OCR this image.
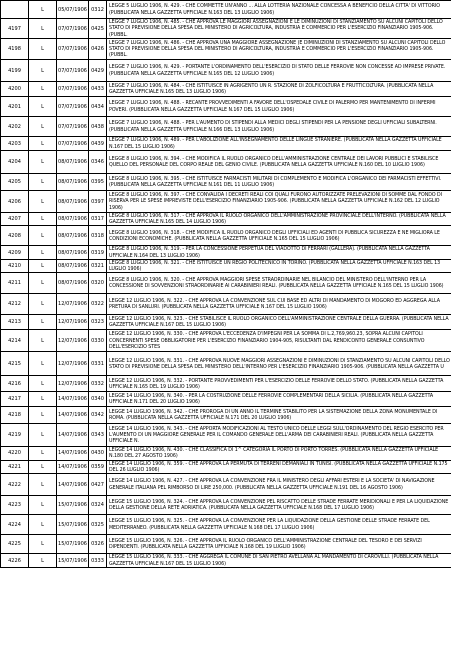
	L	05/07/1906	0312	LEGGE 5 LUGLIO 1906, N. 429. - CHE COMMETTE UN'ANNO ... ALLA LOTTERIA NAZIONALE CONCESSA A BENEFICIO DELLA CITTA' DI VITTORIO (PUBBLICATA NELLA GAZZETTA UFFICIALE N.163 DEL 13 LUGLIO 1906)
4197	L	07/07/1906	0425	LEGGE 7 LUGLIO 1906, N. 485. - CHE APPROVA LE MAGGIORI ASSEGNAZIONI E LE DIMINUZIONI DI STANZIAMENTO SU ALCUNI CAPITOLI DELLO STATO DI PREVISIONE DELLA SPESA DEL MINISTERO DI AGRICOLTURA, INDUSTRIA E COMMERCIO PER L'ESERCIZIO FINANZIARIO 1905-906. (PUBBL.
4198	L	07/07/1906	0426	LEGGE 7 LUGLIO 1906, N. 486. - CHE APPROVA UNA MAGGIORE ASSEGNAZIONE (E DIMINUZIONI DI STANZIAMENTO SU ALCUNI CAPITOLI DELLO STATO DI PREVISIONE DELLA SPESA DEL MINISTERO DI AGRICOLTURA, INDUSTRIA E COMMERCIO PER L'ESERCIZIO FINANZIARIO 1905-906. (PUBBL.
4199	L	07/07/1906	0429	LEGGE 7 LUGLIO 1906, N. 429. - PORTANTE L'ORDINAMENTO DELL'ESERCIZIO DI STATO DELLE FERROVIE NON CONCESSE AD IMPRESE PRIVATE. (PUBBLICATA NELLA GAZZETTA UFFICIALE N.165 DEL 12 LUGLIO 1906)
4200	L	07/07/1906	0433	LEGGE 7 LUGLIO 1906, N. 484. - CHE ISTITUISCE IN AGRIGENTO UN R. STAZIONE DI ZOLFICOLTURA E FRUTTICOLTURA. (PUBBLICATA NELLA GAZZETTA UFFICIALE N.165 DEL 13 LUGLIO 1906)
4201	L	07/07/1906	0434	LEGGE 7 LUGLIO 1906, N. 488. - RECANTE PROVVEDIMENTI A FAVORE DELL'OSPEDALE CIVILE DI PALERMO PER MANTENIMENTO DI INFERMI POVERI. (PUBBLICATA NELLA GAZZETTA UFFICIALE N.167 DEL 15 LUGLIO 1906)
4202	L	07/07/1906	0438	LEGGE 7 LUGLIO 1906, N. 488. - PER L'AUMENTO DI STIPENDI ALLA MEDICI DEGLI STIPENDI PER LA PENSIONE DEGLI UFFICIALI SUBALTERNI. (PUBBLICATA NELLA GAZZETTA UFFICIALE N.166 DEL 13 LUGLIO 1906)
4203	L	07/07/1906	0439	LEGGE 7 LUGLIO 1906, N. 489. - PER L'ABOLIZIONE ALL'INSEGNAMENTO DELLE LINGUE STRANIERE. (PUBBLICATA NELLA GAZZETTA UFFICIALE N.167 DEL 15 LUGLIO 1906)
4204	L	08/07/1906	0346	LEGGE 8 LUGLIO 1906, N. 394. - CHE MODIFICA IL RUOLO ORGANICO DELL'AMMINISTRAZIONE CENTRALE DEI LAVORI PUBBLICI E STABILISCE QUELLO DEL PERSONALE DEL CORPO REALE DEL GENIO CIVILE. (PUBBLICATA NELLA GAZZETTA UFFICIALE N.160 DEL 10 LUGLIO 1906)
4205	L	08/07/1906	0395	LEGGE 8 LUGLIO 1906, N. 395. - CHE ISTITUISCE FARMACISTI MILITARI DI COMPLEMENTO E MODIFICA L'ORGANICO DEI FARMACISTI EFFETTIVI. (PUBBLICATA NELLA GAZZETTA UFFICIALE N.161 DEL 11 LUGLIO 1906)
4206	L	08/07/1906	0397	LEGGE 8 LUGLIO 1906, N. 397. - CHE CONVALIDA I DECRETI REALI COI QUALI FURONO AUTORIZZATE PRELEVAZIONI DI SOMME DAL FONDO DI RISERVA PER LE SPESE IMPREVISTE DELL'ESERCIZIO FINANZIARIO 1905-906. (PUBBLICATA NELLA GAZZETTA UFFICIALE N.162 DEL 12 LUGLIO 1906)
4207	L	08/07/1906	0317	LEGGE 8 LUGLIO 1906, N. 317. - CHE APPROVA IL RUOLO ORGANICO DELL'AMMINISTRAZIONE PROVINCIALE DELL'INTERNO. (PUBBLICATA NELLA GAZZETTA UFFICIALE N.165 DEL 14 LUGLIO 1906)
4208	L	08/07/1906	0318	LEGGE 8 LUGLIO 1906, N. 318. - CHE MODIFICA IL RUOLO ORGANICO DEGLI UFFICIALI ED AGENTI DI PUBBLICA SICUREZZA E NE MIGLIORA LE CONDIZIONI ECONOMICHE. (PUBBLICATA NELLA GAZZETTA UFFICIALE N.165 DEL 15 LUGLIO 1906)
4209	L	08/07/1906	0319	LEGGE 8 LUGLIO 1906, N. 319. - PER LA CONCESSIONE PERPETUA DEL VIADOTTO DI FERRARI (GALLERA). (PUBBLICATA NELLA GAZZETTA UFFICIALE N.164 DEL 13 LUGLIO 1906)
4210	L	08/07/1906	0321	LEGGE 8 LUGLIO 1906, N. 321. - CHE ISTITUISCE UN REGIO POLITECNICO IN TORINO. (PUBBLICATA NELLA GAZZETTA UFFICIALE N.163 DEL 13 LUGLIO 1906)
4211	L	08/07/1906	0320	LEGGE 8 LUGLIO 1906, N. 320. - CHE APPROVA MAGGIORI SPESE STRAORDINARIE NEL BILANCIO DEL MINISTERO DELL'INTERNO PER LA CONCESSIONE DI SOVVENZIONI STRAORDINARIE AI CARABINIERI REALI. (PUBBLICATA NELLA GAZZETTA UFFICIALE N.165 DEL 15 LUGLIO 1906)
4212	L	12/07/1906	0322	LEGGE 12 LUGLIO 1906, N. 322. - CHE APPROVA LA CONVENZIONE SUL CUI BASE ED ALTRI DI MANDAMENTO DI MOGORO ED AGGREGA ALLA PRETURA DI SANLURI. (PUBBLICATA NELLA GAZZETTA UFFICIALE N.167 DEL 15 LUGLIO 1906)
4213	L	12/07/1906	0323	LEGGE 12 LUGLIO 1906, N. 323. - CHE STABILISCE IL RUOLO ORGANICO DELL'AMMINISTRAZIONE CENTRALE DELLA GUERRA. (PUBBLICATA NELLA GAZZETTA UFFICIALE N.167 DEL 15 LUGLIO 1906)
4214	L	12/07/1906	0330	LEGGE 12 LUGLIO 1906, N. 330. - CHE APPROVA L'ECCEDENZA D'IMPEGNI PER LA SOMMA DI L.2,769,960.23, SOPRA ALCUNI CAPITOLI CONCERNENTI SPESE OBBLIGATORIE PER L'ESERCIZIO FINANZIARIO 1904-905, RISULTANTI DAL RENDICONTO GENERALE CONSUNTIVO DELL'ESERCIZIO STES
4215	L	12/07/1906	0331	LEGGE 12 LUGLIO 1906, N. 331. - CHE APPROVA NUOVE MAGGIORI ASSEGNAZIONI E DIMINUZIONI DI STANZIAMENTO SU ALCUNI CAPITOLI DELLO STATO DI PREVISIONE DELLA SPESA DEL MINISTERO DELL'INTERNO PER L'ESERCIZIO FINANZIARIO 1905-906. (PUBBLICATA NELLA GAZZETTA U
4216	L	12/07/1906	0332	LEGGE 12 LUGLIO 1906, N. 332. - PORTANTE PROVVEDIMENTI PER L'ESERCIZIO DELLE FERROVIE DELLO STATO. (PUBBLICATA NELLA GAZZETTA UFFICIALE N.165 DEL 19 LUGLIO 1906)
4217	L	14/07/1906	0340	LEGGE 14 LUGLIO 1906, N. 340. - PER LA COSTRUZIONE DELLE FERROVIE COMPLEMENTARI DELLA SICILIA. (PUBBLICATA NELLA GAZZETTA UFFICIALE N.171 DEL 20 LUGLIO 1906)
4218	L	14/07/1906	0342	LEGGE 14 LUGLIO 1906, N. 342. - CHE PROROGA DI UN ANNO IL TERMINE STABILITO PER LA SISTEMAZIONE DELLA ZONA MONUMENTALE DI ROMA. (PUBBLICATA NELLA GAZZETTA UFFICIALE N.171 DEL 20 LUGLIO 1906)
4219	L	14/07/1906	0343	LEGGE 14 LUGLIO 1906, N. 343. - CHE APPORTA MODIFICAZIONI AL TESTO UNICO DELLE LEGGI SULL'ORDINAMENTO DEL REGIO ESERCITO PER L'AUMENTO DI UN MAGGIORE GENERALE PER IL COMANDO GENERALE DELL'ARMA DEI CARABINIERI REALI. (PUBBLICATA NELLA GAZZETTA UFFICIALE N.
4220	L	14/07/1906	0430	LEGGE 14 LUGLIO 1906, N. 430. - CHE CLASSIFICA DI 1^ CATEGORIA IL PORTO DI PORTO TORRES. (PUBBLICATA NELLA GAZZETTA UFFICIALE N.180 DEL 27 AGOSTO 1906)
4221	L	14/07/1906	0359	LEGGE 14 LUGLIO 1906, N. 359. - CHE APPROVA LA PERMUTA DI TERRENI DEMANIALI IN TUNISI. (PUBBLICATA NELLA GAZZETTA UFFICIALE N.175 DEL 26 LUGLIO 1906)
4222	L	14/07/1906	0427	LEGGE 14 LUGLIO 1906, N. 427. - CHE APPROVA LA CONVENZIONE FRA IL MINISTERO DEGLI AFFARI ESTERI E LA SOCIETA' DI NAVIGAZIONE GENERALE ITALIANA PEL RIMBORSO DI LIRE 250,000. (PUBBLICATA NELLA GAZZETTA UFFICIALE N.191 DEL 16 AGOSTO 1906)
4223	L	15/07/1906	0324	LEGGE 15 LUGLIO 1906, N. 324. - CHE APPROVA LA CONVENZIONE PEL RISCATTO DELLE STRADE FERRATE MERIDIONALI E PER LA LIQUIDAZIONE DELLA GESTIONE DELLA RETE ADRIATICA. (PUBBLICATA NELLA GAZZETTA UFFICIALE N.168 DEL 17 LUGLIO 1906)
4224	L	15/07/1906	0325	LEGGE 15 LUGLIO 1906, N. 325. - CHE APPROVA LA CONVENZIONE PER LA LIQUIDAZIONE DELLA GESTIONE DELLE STRADE FERRATE DEL MEDITERRANEO. (PUBBLICATA NELLA GAZZETTA UFFICIALE N.168 DEL 17 LUGLIO 1906)
4225	L	15/07/1906	0326	LEGGE 15 LUGLIO 1906, N. 326. - CHE APPROVA IL RUOLO ORGANICO DELL'AMMINISTRAZIONE CENTRALE DEL TESORO E DEI SERVIZI DIPENDENTI. (PUBBLICATA NELLA GAZZETTA UFFICIALE N.168 DEL 19 LUGLIO 1906)
4226	L	15/07/1906	0333	LEGGE 15 LUGLIO 1906, N. 333. - CHE AGGREGA IL COMUNE DI SAN PIETRO AVELLANA AL MANDAMENTO DI CAROVILLI. (PUBBLICATA NELLA GAZZETTA UFFICIALE N.167 DEL 15 LUGLIO 1906)
